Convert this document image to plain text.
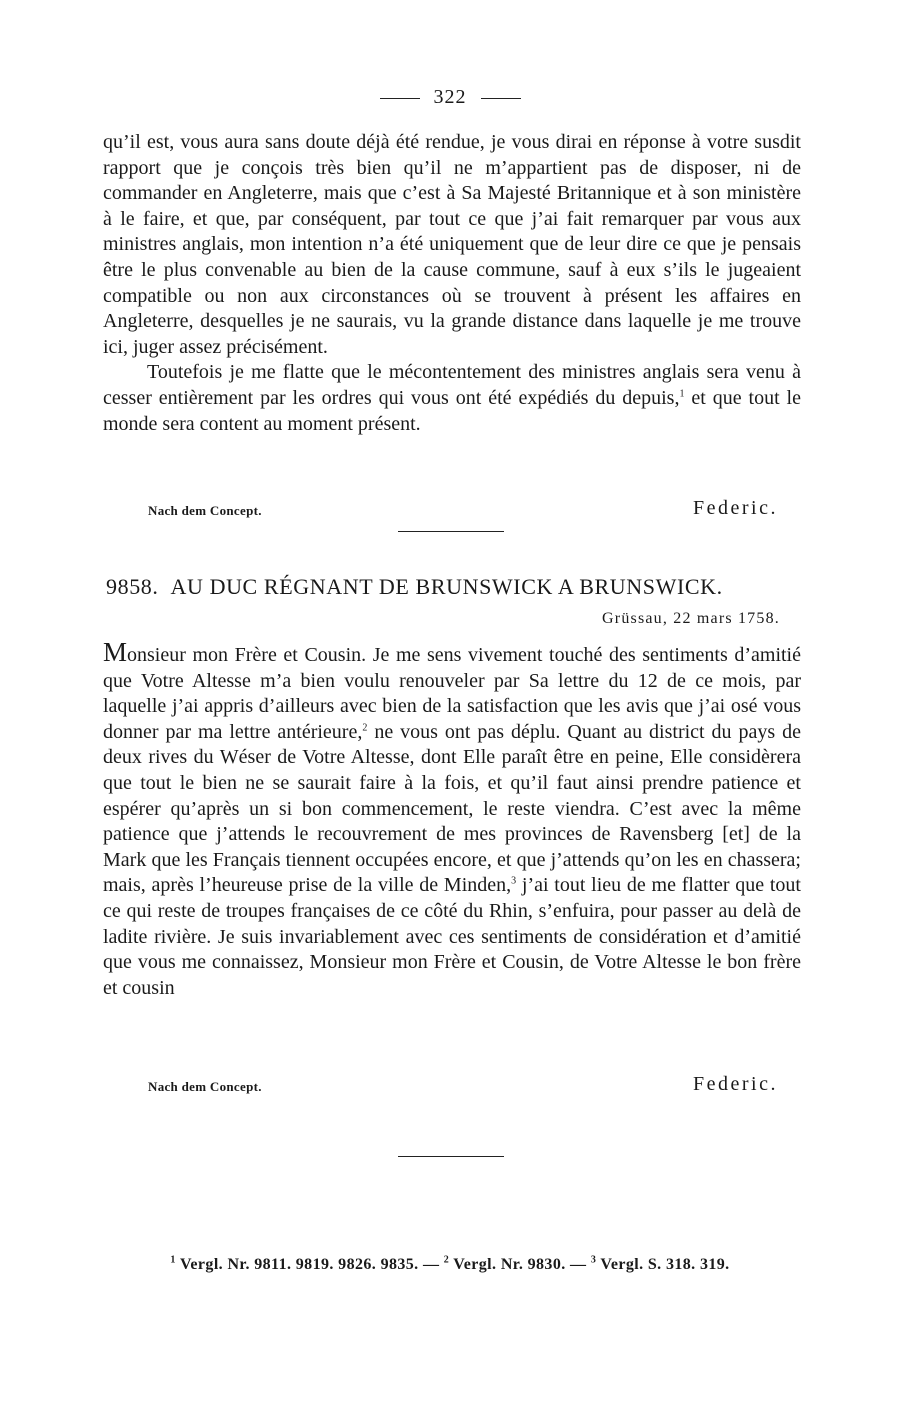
322

qu’il est, vous aura sans doute déjà été rendue, je vous dirai en réponse à votre susdit rapport que je conçois très bien qu’il ne m’appartient pas de disposer, ni de commander en Angleterre, mais que c’est à Sa Majesté Britannique et à son ministère à le faire, et que, par conséquent, par tout ce que j’ai fait remarquer par vous aux ministres anglais, mon intention n’a été uniquement que de leur dire ce que je pensais être le plus convenable au bien de la cause commune, sauf à eux s’ils le jugeaient compatible ou non aux circonstances où se trouvent à présent les affaires en Angleterre, desquelles je ne saurais, vu la grande distance dans laquelle je me trouve ici, juger assez précisément.

Toutefois je me flatte que le mécontentement des ministres anglais sera venu à cesser entièrement par les ordres qui vous ont été expédiés du depuis,$^1$ et que tout le monde sera content au moment présent.

Nach dem Concept.	Federic.
9858. AU DUC RÉGNANT DE BRUNSWICK A BRUNSWICK.
Grüssau, 22 mars 1758.

Monsieur mon Frère et Cousin. Je me sens vivement touché des sentiments d’amitié que Votre Altesse m’a bien voulu renouveler par Sa lettre du 12 de ce mois, par laquelle j’ai appris d’ailleurs avec bien de la satisfaction que les avis que j’ai osé vous donner par ma lettre antérieure,$^2$ ne vous ont pas déplu. Quant au district du pays de deux rives du Wéser de Votre Altesse, dont Elle paraît être en peine, Elle considèrera que tout le bien ne se saurait faire à la fois, et qu’il faut ainsi prendre patience et espérer qu’après un si bon commencement, le reste viendra. C’est avec la même patience que j’attends le recouvrement de mes provinces de Ravensberg [et] de la Mark que les Français tiennent occupées encore, et que j’attends qu’on les en chassera; mais, après l’heureuse prise de la ville de Minden,$^3$ j’ai tout lieu de me flatter que tout ce qui reste de troupes françaises de ce côté du Rhin, s’enfuira, pour passer au delà de ladite rivière. Je suis invariablement avec ces sentiments de considération et d’amitié que vous me connaissez, Monsieur mon Frère et Cousin, de Votre Altesse le bon frère et cousin

Nach dem Concept.	Federic.
$^1$ Vergl. Nr. 9811. 9819. 9826. 9835. — $^2$ Vergl. Nr. 9830. — $^3$ Vergl. S. 318. 319.
